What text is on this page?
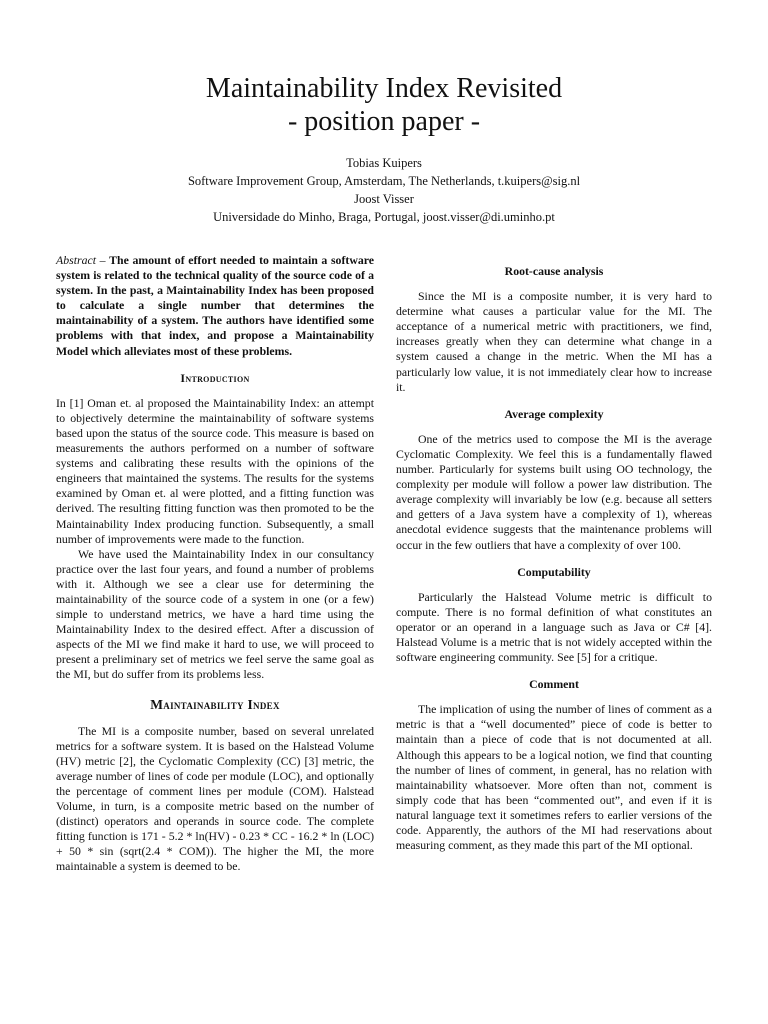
Maintainability Index Revisited
- position paper -
Tobias Kuipers
Software Improvement Group, Amsterdam, The Netherlands, t.kuipers@sig.nl
Joost Visser
Universidade do Minho, Braga, Portugal, joost.visser@di.uminho.pt

Abstract – The amount of effort needed to maintain a software system is related to the technical quality of the source code of a system. In the past, a Maintainability Index has been proposed to calculate a single number that determines the maintainability of a system. The authors have identified some problems with that index, and propose a Maintainability Model which alleviates most of these problems.

Introduction

In [1] Oman et. al proposed the Maintainability Index: an attempt to objectively determine the maintainability of software systems based upon the status of the source code. This measure is based on measurements the authors performed on a number of software systems and calibrating these results with the opinions of the engineers that maintained the systems. The results for the systems examined by Oman et. al were plotted, and a fitting function was derived. The resulting fitting function was then promoted to be the Maintainability Index producing function. Subsequently, a small number of improvements were made to the function.

We have used the Maintainability Index in our consultancy practice over the last four years, and found a number of problems with it. Although we see a clear use for determining the maintainability of the source code of a system in one (or a few) simple to understand metrics, we have a hard time using the Maintainability Index to the desired effect. After a discussion of aspects of the MI we find make it hard to use, we will proceed to present a preliminary set of metrics we feel serve the same goal as the MI, but do suffer from its problems less.

Maintainability Index

The MI is a composite number, based on several unrelated metrics for a software system. It is based on the Halstead Volume (HV) metric [2], the Cyclomatic Complexity (CC) [3] metric, the average number of lines of code per module (LOC), and optionally the percentage of comment lines per module (COM). Halstead Volume, in turn, is a composite metric based on the number of (distinct) operators and operands in source code. The complete fitting function is 171 - 5.2 * ln(HV) - 0.23 * CC - 16.2 * ln (LOC) + 50 * sin (sqrt(2.4 * COM)). The higher the MI, the more maintainable a system is deemed to be.

Root-cause analysis

Since the MI is a composite number, it is very hard to determine what causes a particular value for the MI. The acceptance of a numerical metric with practitioners, we find, increases greatly when they can determine what change in a system caused a change in the metric. When the MI has a particularly low value, it is not immediately clear how to increase it.

Average complexity

One of the metrics used to compose the MI is the average Cyclomatic Complexity. We feel this is a fundamentally flawed number. Particularly for systems built using OO technology, the complexity per module will follow a power law distribution. The average complexity will invariably be low (e.g. because all setters and getters of a Java system have a complexity of 1), whereas anecdotal evidence suggests that the maintenance problems will occur in the few outliers that have a complexity of over 100.

Computability

Particularly the Halstead Volume metric is difficult to compute. There is no formal definition of what constitutes an operator or an operand in a language such as Java or C# [4]. Halstead Volume is a metric that is not widely accepted within the software engineering community. See [5] for a critique.

Comment

The implication of using the number of lines of comment as a metric is that a “well documented” piece of code is better to maintain than a piece of code that is not documented at all. Although this appears to be a logical notion, we find that counting the number of lines of comment, in general, has no relation with maintainability whatsoever. More often than not, comment is simply code that has been “commented out”, and even if it is natural language text it sometimes refers to earlier versions of the code. Apparently, the authors of the MI had reservations about measuring comment, as they made this part of the MI optional.
